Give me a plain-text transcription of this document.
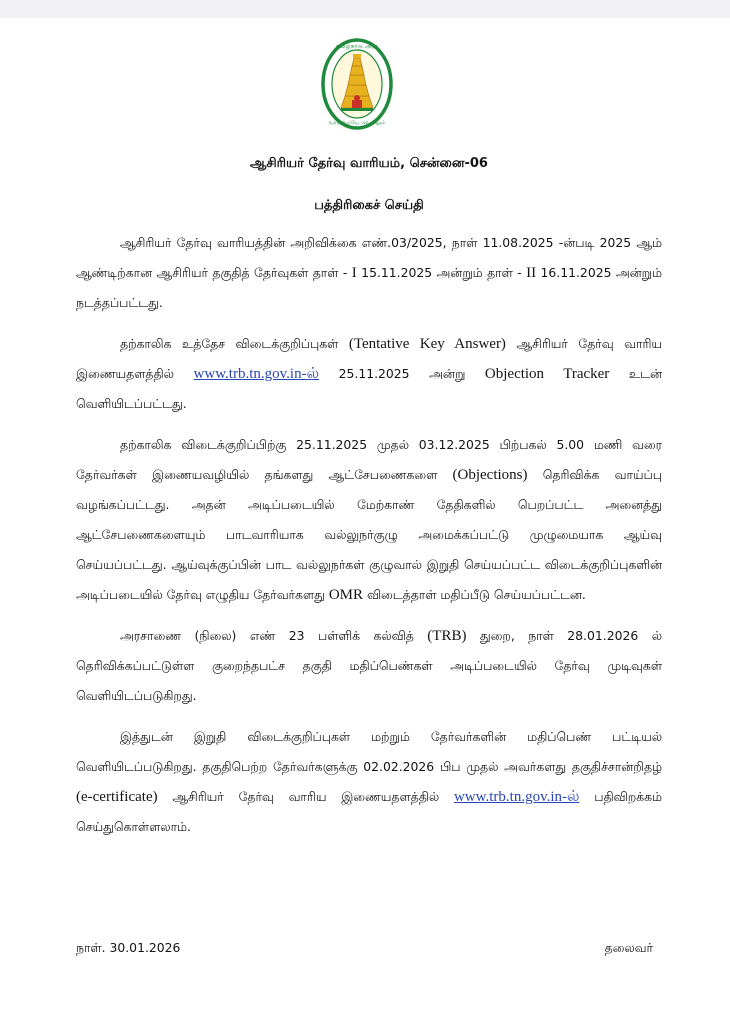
தமிழ்நாடு அரசு
வாய்மையே வெல்லும்

ஆசிரியர் தேர்வு வாரியம், சென்னை-06

பத்திரிகைச் செய்தி

ஆசிரியர் தேர்வு வாரியத்தின் அறிவிக்கை எண்.03/2025, நாள் 11.08.2025 -ன்படி 2025 ஆம் ஆண்டிற்கான ஆசிரியர் தகுதித் தேர்வுகள் தாள் - I 15.11.2025 அன்றும் தாள் - II 16.11.2025 அன்றும் நடத்தப்பட்டது.

தற்காலிக உத்தேச விடைக்குறிப்புகள் (Tentative Key Answer) ஆசிரியர் தேர்வு வாரிய இணையதளத்தில் www.trb.tn.gov.in-ல் 25.11.2025 அன்று Objection Tracker உடன் வெளியிடப்பட்டது.

தற்காலிக விடைக்குறிப்பிற்கு 25.11.2025 முதல் 03.12.2025 பிற்பகல் 5.00 மணி வரை தேர்வர்கள் இணையவழியில் தங்களது ஆட்சேபணைகளை (Objections) தெரிவிக்க வாய்ப்பு வழங்கப்பட்டது. அதன் அடிப்படையில் மேற்காண் தேதிகளில் பெறப்பட்ட அனைத்து ஆட்சேபணைகளையும் பாடவாரியாக வல்லுநர்குழு அமைக்கப்பட்டு முழுமையாக ஆய்வு செய்யப்பட்டது. ஆய்வுக்குப்பின் பாட வல்லுநர்கள் குழுவால் இறுதி செய்யப்பட்ட விடைக்குறிப்புகளின் அடிப்படையில் தேர்வு எழுதிய தேர்வர்களது OMR விடைத்தாள் மதிப்பீடு செய்யப்பட்டன.

அரசாணை (நிலை) எண் 23 பள்ளிக் கல்வித் (TRB) துறை, நாள் 28.01.2026 ல் தெரிவிக்கப்பட்டுள்ள குறைந்தபட்ச தகுதி மதிப்பெண்கள் அடிப்படையில் தேர்வு முடிவுகள் வெளியிடப்படுகிறது.

இத்துடன் இறுதி விடைக்குறிப்புகள் மற்றும் தேர்வர்களின் மதிப்பெண் பட்டியல் வெளியிடப்படுகிறது. தகுதிபெற்ற தேர்வர்களுக்கு 02.02.2026 பிப முதல் அவர்களது தகுதிச்சான்றிதழ் (e-certificate) ஆசிரியர் தேர்வு வாரிய இணையதளத்தில் www.trb.tn.gov.in-ல் பதிவிறக்கம் செய்துகொள்ளலாம்.

நாள். 30.01.2026	தலைவர்
